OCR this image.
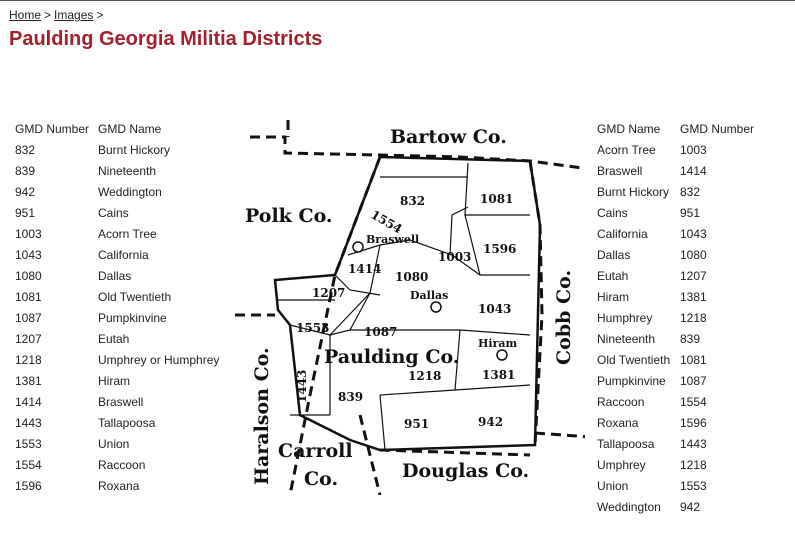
Home > Images >
Paulding Georgia Militia Districts
GMD Number	GMD Name
832	Burnt Hickory
839	Nineteenth
942	Weddington
951	Cains
1003	Acorn Tree
1043	California
1080	Dallas
1081	Old Twentieth
1087	Pumpkinvine
1207	Eutah
1218	Umphrey or Humphrey
1381	Hiram
1414	Braswell
1443	Tallapoosa
1553	Union
1554	Raccoon
1596	Roxana
Bartow Co.
Polk Co.
Cobb Co.
Haralson Co. Carroll
Co.	Douglas Co.
Paulding Co.
832	1081
1554
1596
1003
1414
1080
1207
1043
1553	1087
1443	1218	1381
839
951	942
Braswell
Dallas
Hiram
GMD Name	GMD Number
Acorn Tree	1003
Braswell	1414
Burnt Hickory	832
Cains	951
California	1043
Dallas	1080
Eutah	1207
Hiram	1381
Humphrey	1218
Nineteenth	839
Old Twentieth	1081
Pumpkinvine	1087
Raccoon	1554
Roxana	1596
Tallapoosa	1443
Umphrey	1218
Union	1553
Weddington	942
